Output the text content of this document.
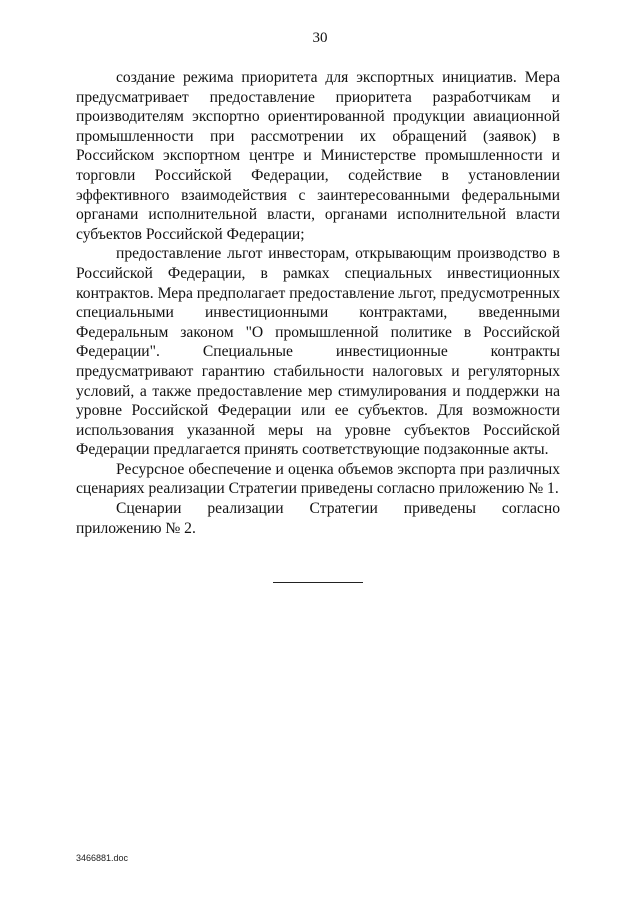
30

создание режима приоритета для экспортных инициатив. Мера предусматривает предоставление приоритета разработчикам и производителям экспортно ориентированной продукции авиационной промышленности при рассмотрении их обращений (заявок) в Российском экспортном центре и Министерстве промышленности и торговли Российской Федерации, содействие в установлении эффективного взаимодействия с заинтересованными федеральными органами исполнительной власти, органами исполнительной власти субъектов Российской Федерации;

предоставление льгот инвесторам, открывающим производство в Российской Федерации, в рамках специальных инвестиционных контрактов. Мера предполагает предоставление льгот, предусмотренных специальными инвестиционными контрактами, введенными Федеральным законом "О промышленной политике в Российской Федерации". Специальные инвестиционные контракты предусматривают гарантию стабильности налоговых и регуляторных условий, а также предоставление мер стимулирования и поддержки на уровне Российской Федерации или ее субъектов. Для возможности использования указанной меры на уровне субъектов Российской Федерации предлагается принять соответствующие подзаконные акты.

Ресурсное обеспечение и оценка объемов экспорта при различных сценариях реализации Стратегии приведены согласно приложению № 1.

Сценарии реализации Стратегии приведены согласно приложению № 2.

3466881.doc
